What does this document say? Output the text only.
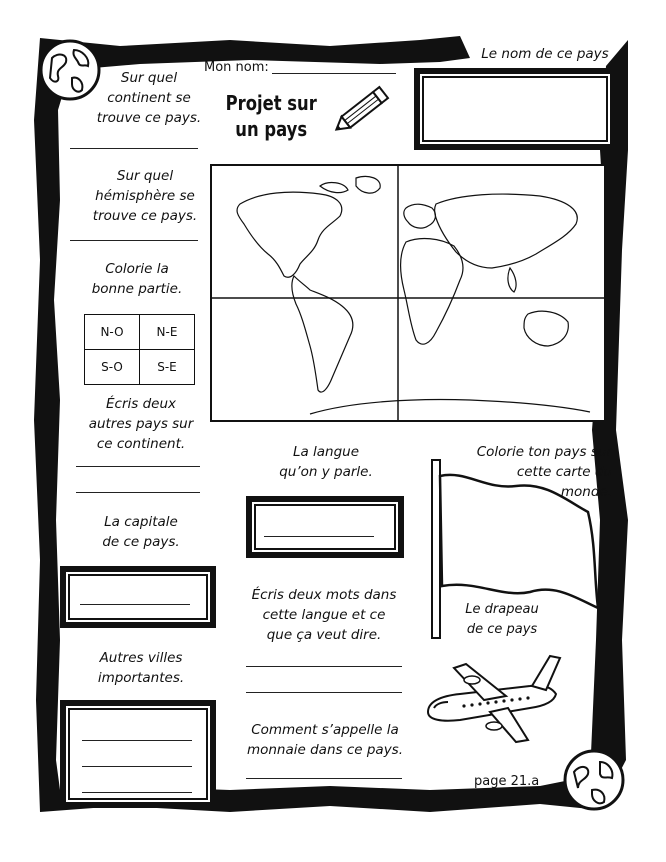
Mon nom:
Projet sur
un pays
Le nom de ce pays
Sur quel
continent se
trouve ce pays.
Sur quel
hémisphère se
trouve ce pays.
Colorie la
bonne partie.
N-O	N-E
S-O	S-E
Écris deux
autres pays sur
ce continent.
La capitale
de ce pays.
Autres villes
importantes.
La langue
qu’on y parle.
Écris deux mots dans
cette langue et ce
que ça veut dire.
Comment s’appelle la
monnaie dans ce pays.
Colorie ton pays sur
cette carte du
monde.
Le drapeau
de ce pays
page 21.a
